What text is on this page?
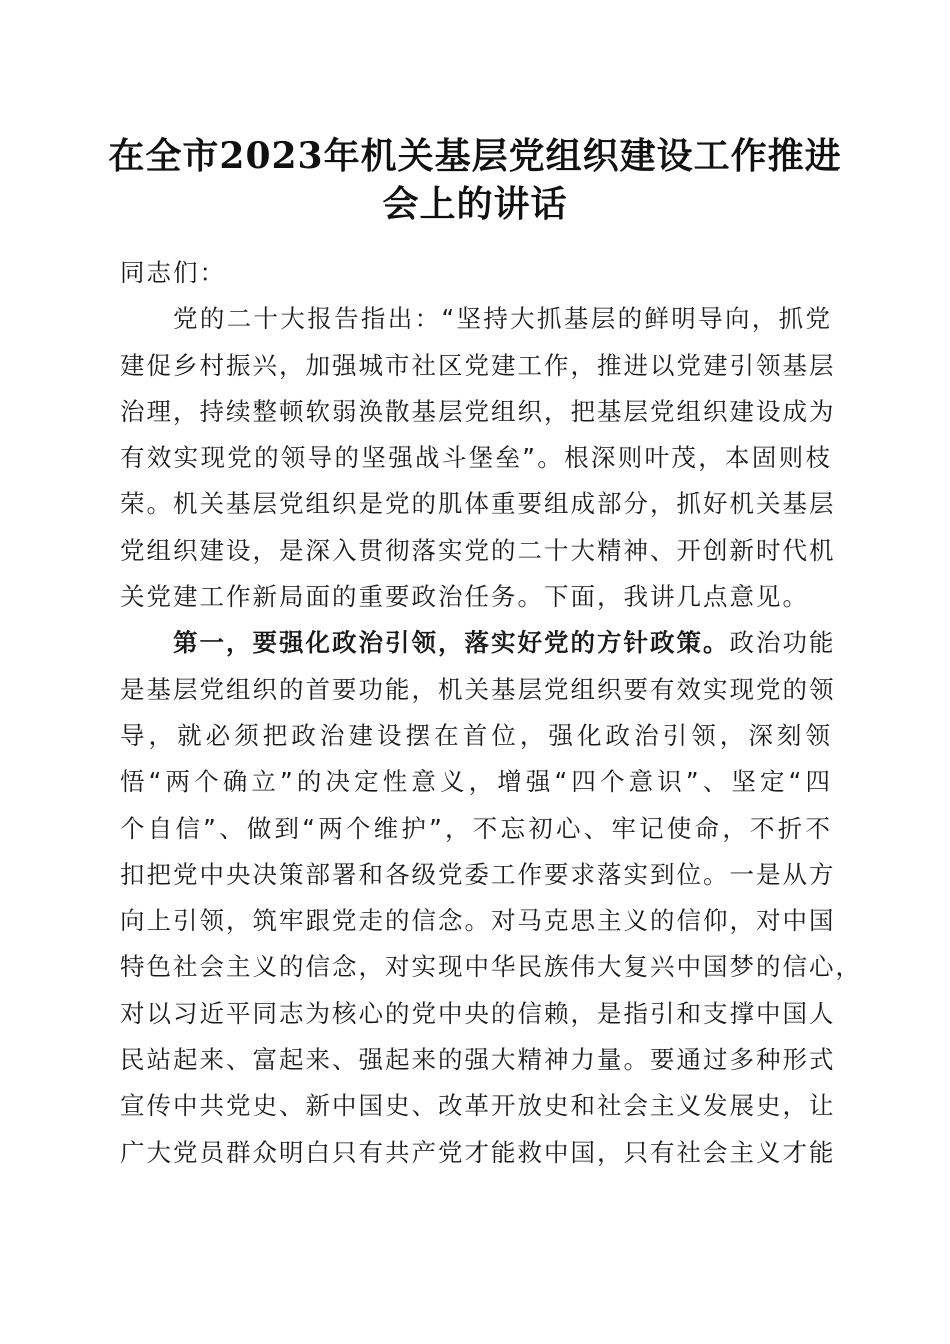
在全市2023年机关基层党组织建设工作推进
会上的讲话
同志们：
党的二十大报告指出：“坚持大抓基层的鲜明导向，抓党
建促乡村振兴，加强城市社区党建工作，推进以党建引领基层
治理，持续整顿软弱涣散基层党组织，把基层党组织建设成为
有效实现党的领导的坚强战斗堡垒”。根深则叶茂，本固则枝
荣。机关基层党组织是党的肌体重要组成部分，抓好机关基层
党组织建设，是深入贯彻落实党的二十大精神、开创新时代机
关党建工作新局面的重要政治任务。下面，我讲几点意见。
第一，要强化政治引领，落实好党的方针政策。政治功能
是基层党组织的首要功能，机关基层党组织要有效实现党的领
导，就必须把政治建设摆在首位，强化政治引领，深刻领
悟“两个确立”的决定性意义，增强“四个意识”、坚定“四
个自信”、做到“两个维护”，不忘初心、牢记使命，不折不
扣把党中央决策部署和各级党委工作要求落实到位。一是从方
向上引领，筑牢跟党走的信念。对马克思主义的信仰，对中国
特色社会主义的信念，对实现中华民族伟大复兴中国梦的信心，
对以习近平同志为核心的党中央的信赖，是指引和支撑中国人
民站起来、富起来、强起来的强大精神力量。要通过多种形式
宣传中共党史、新中国史、改革开放史和社会主义发展史，让
广大党员群众明白只有共产党才能救中国，只有社会主义才能
